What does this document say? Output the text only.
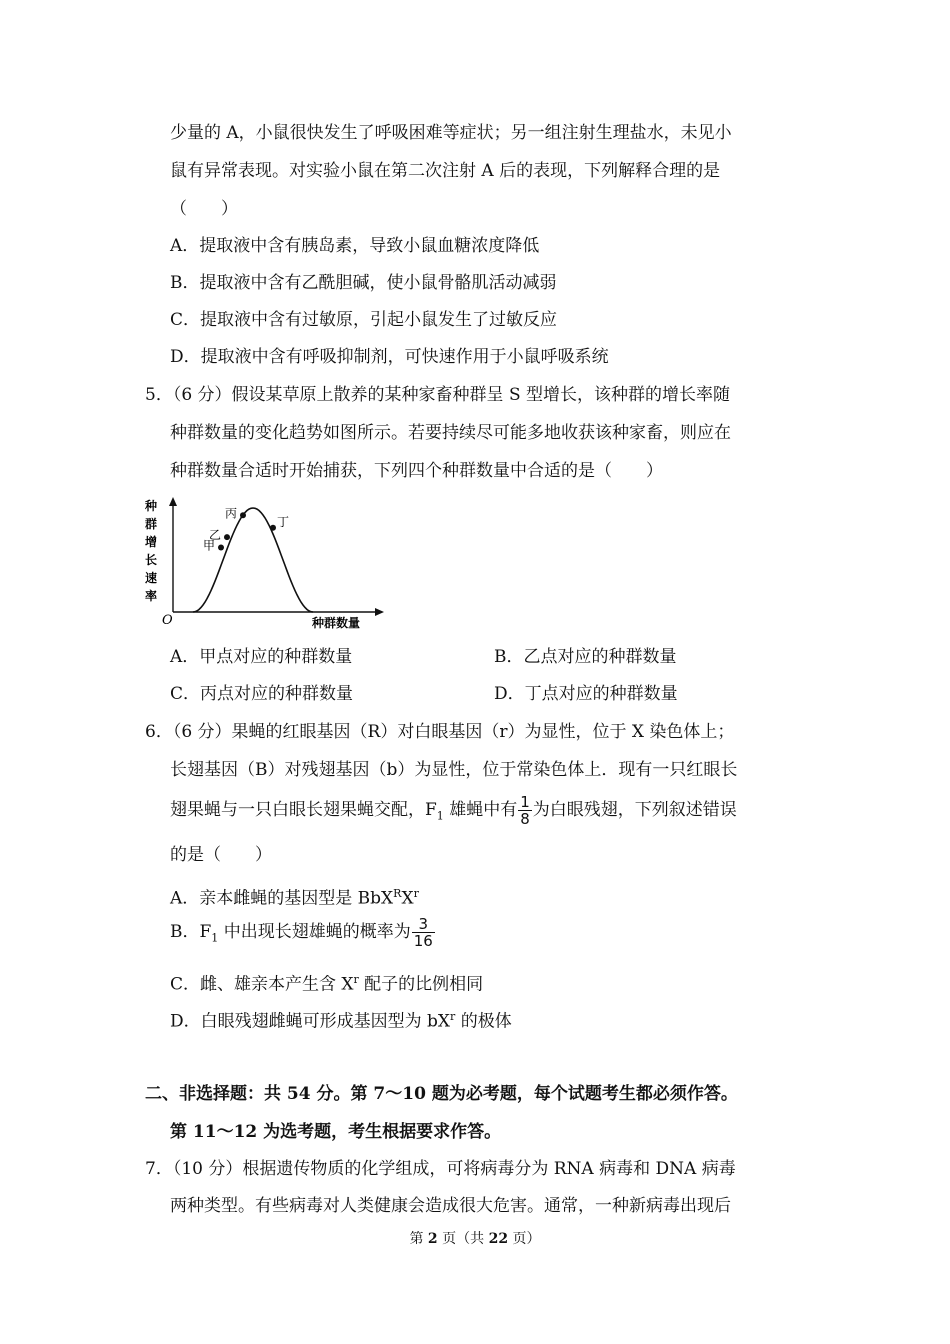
少量的 A，小鼠很快发生了呼吸困难等症状；另一组注射生理盐水，未见小
鼠有异常表现。对实验小鼠在第二次注射 A 后的表现，下列解释合理的是
（　　）
A．提取液中含有胰岛素，导致小鼠血糖浓度降低
B．提取液中含有乙酰胆碱，使小鼠骨骼肌活动减弱
C．提取液中含有过敏原，引起小鼠发生了过敏反应
D．提取液中含有呼吸抑制剂，可快速作用于小鼠呼吸系统
5．（6 分）假设某草原上散养的某种家畜种群呈 S 型增长，该种群的增长率随
种群数量的变化趋势如图所示。若要持续尽可能多地收获该种家畜，则应在
种群数量合适时开始捕获，下列四个种群数量中合适的是（　　）
种群增长速率
O	种群数量
甲
乙
丙
丁
A．甲点对应的种群数量	B．乙点对应的种群数量
C．丙点对应的种群数量	D．丁点对应的种群数量
6．（6 分）果蝇的红眼基因（R）对白眼基因（r）为显性，位于 X 染色体上；
长翅基因（B）对残翅基因（b）为显性，位于常染色体上．现有一只红眼长
翅果蝇与一只白眼长翅果蝇交配，$F_1$ 雄蝇中有 $\frac{1}{8}$ 为白眼残翅，下列叙述错误
的是（　　）
A．亲本雌蝇的基因型是 $BbX^RX^r$
B．$F_1$ 中出现长翅雄蝇的概率为 $\frac{3}{16}$
C．雌、雄亲本产生含 $X^r$ 配子的比例相同
D．白眼残翅雌蝇可形成基因型为 $bX^r$ 的极体
二、非选择题：共 54 分。第 7～10 题为必考题，每个试题考生都必须作答。
第 11～12 为选考题，考生根据要求作答。
7．（10 分）根据遗传物质的化学组成，可将病毒分为 RNA 病毒和 DNA 病毒
两种类型。有些病毒对人类健康会造成很大危害。通常，一种新病毒出现后
第 2 页（共 22 页）
